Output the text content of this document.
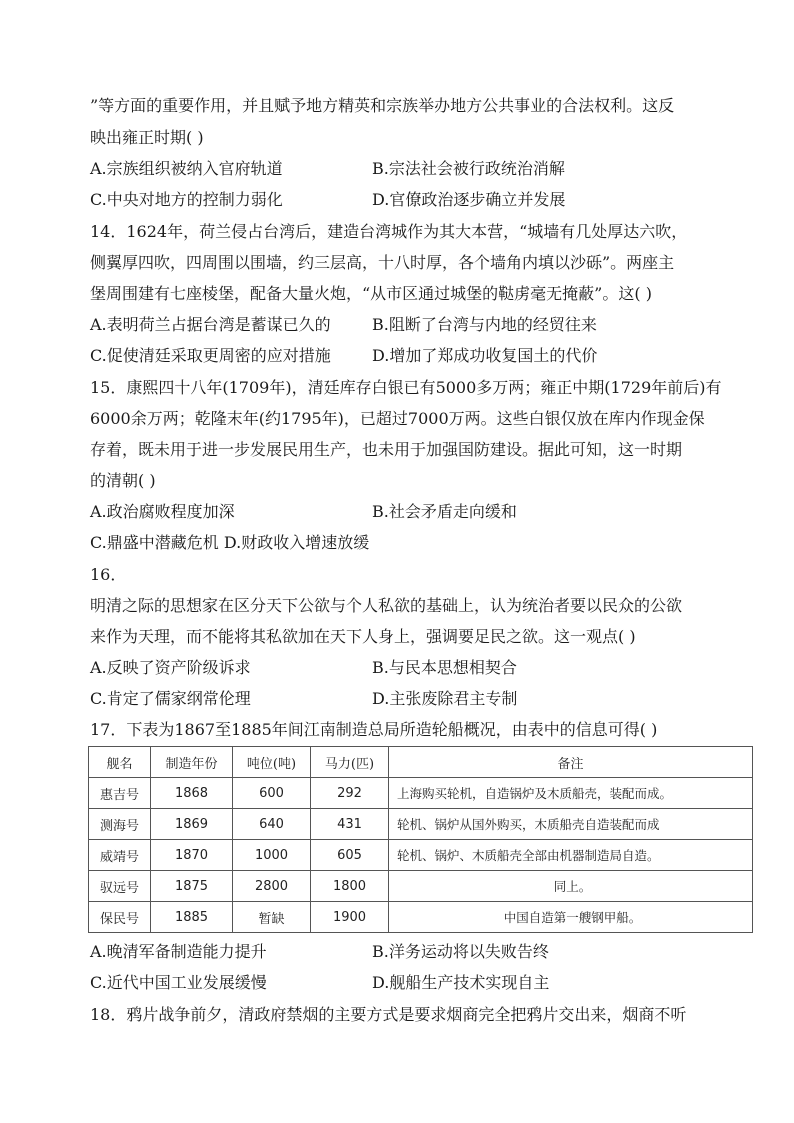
”等方面的重要作用，并且赋予地方精英和宗族举办地方公共事业的合法权利。这反
映出雍正时期( )
A.宗族组织被纳入官府轨道	B.宗法社会被行政统治消解
C.中央对地方的控制力弱化	D.官僚政治逐步确立并发展
14．1624年，荷兰侵占台湾后，建造台湾城作为其大本营，“城墙有几处厚达六吹，
侧翼厚四吹，四周围以围墙，约三层高，十八时厚，各个墙角内填以沙砾”。两座主
堡周围建有七座棱堡，配备大量火炮，“从市区通过城堡的鞑虏毫无掩蔽”。这( )
A.表明荷兰占据台湾是蓄谋已久的	B.阻断了台湾与内地的经贸往来
C.促使清廷采取更周密的应对措施	D.增加了郑成功收复国土的代价
15．康熙四十八年(1709年)，清廷库存白银已有5000多万两；雍正中期(1729年前后)有
6000余万两；乾隆末年(约1795年)，已超过7000万两。这些白银仅放在库内作现金保
存着，既未用于进一步发展民用生产，也未用于加强国防建设。据此可知，这一时期
的清朝( )
A.政治腐败程度加深	B.社会矛盾走向缓和
C.鼎盛中潜藏危机 D.财政收入增速放缓
16．
明清之际的思想家在区分天下公欲与个人私欲的基础上，认为统治者要以民众的公欲
来作为天理，而不能将其私欲加在天下人身上，强调要足民之欲。这一观点( )
A.反映了资产阶级诉求	B.与民本思想相契合
C.肯定了儒家纲常伦理	D.主张废除君主专制
17．下表为1867至1885年间江南制造总局所造轮船概况，由表中的信息可得( )
舰名	制造年份	吨位(吨)	马力(匹)	备注
惠吉号	1868	600	292	上海购买轮机，自造锅炉及木质船壳，装配而成。
测海号	1869	640	431	轮机、锅炉从国外购买，木质船壳自造装配而成
威靖号	1870	1000	605	轮机、锅炉、木质船壳全部由机器制造局自造。
驭远号	1875	2800	1800	同上。
保民号	1885	暂缺	1900	中国自造第一艘钢甲船。
A.晚清军备制造能力提升	B.洋务运动将以失败告终
C.近代中国工业发展缓慢	D.舰船生产技术实现自主
18．鸦片战争前夕，清政府禁烟的主要方式是要求烟商完全把鸦片交出来，烟商不听
